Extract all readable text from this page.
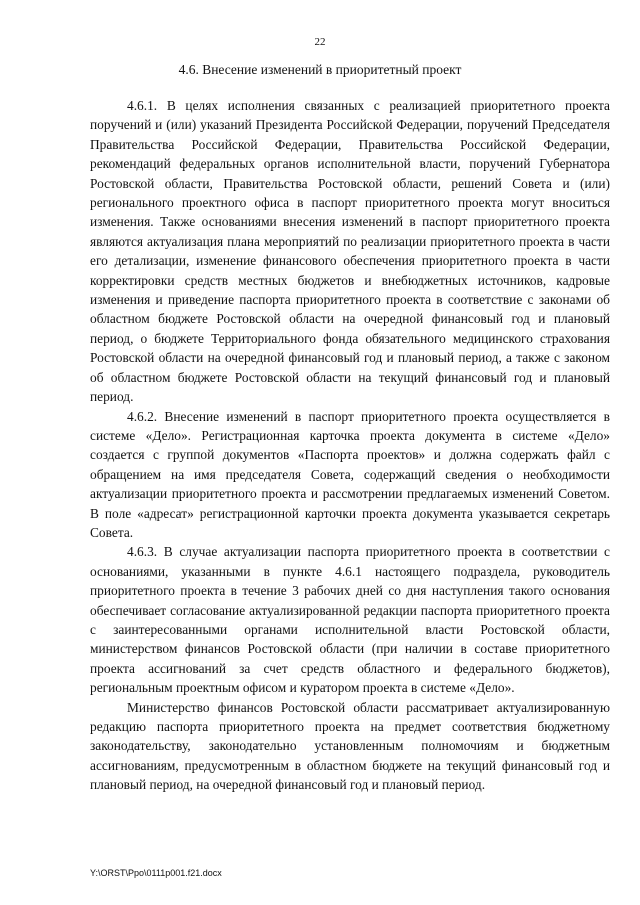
22
4.6. Внесение изменений в приоритетный проект

4.6.1. В целях исполнения связанных с реализацией приоритетного проекта поручений и (или) указаний Президента Российской Федерации, поручений Председателя Правительства Российской Федерации, Правительства Российской Федерации, рекомендаций федеральных органов исполнительной власти, поручений Губернатора Ростовской области, Правительства Ростовской области, решений Совета и (или) регионального проектного офиса в паспорт приоритетного проекта могут вноситься изменения. Также основаниями внесения изменений в паспорт приоритетного проекта являются актуализация плана мероприятий по реализации приоритетного проекта в части его детализации, изменение финансового обеспечения приоритетного проекта в части корректировки средств местных бюджетов и внебюджетных источников, кадровые изменения и приведение паспорта приоритетного проекта в соответствие с законами об областном бюджете Ростовской области на очередной финансовый год и плановый период, о бюджете Территориального фонда обязательного медицинского страхования Ростовской области на очередной финансовый год и плановый период, а также с законом об областном бюджете Ростовской области на текущий финансовый год и плановый период.

4.6.2. Внесение изменений в паспорт приоритетного проекта осуществляется в системе «Дело». Регистрационная карточка проекта документа в системе «Дело» создается с группой документов «Паспорта проектов» и должна содержать файл с обращением на имя председателя Совета, содержащий сведения о необходимости актуализации приоритетного проекта и рассмотрении предлагаемых изменений Советом. В поле «адресат» регистрационной карточки проекта документа указывается секретарь Совета.

4.6.3. В случае актуализации паспорта приоритетного проекта в соответствии с основаниями, указанными в пункте 4.6.1 настоящего подраздела, руководитель приоритетного проекта в течение 3 рабочих дней со дня наступления такого основания обеспечивает согласование актуализированной редакции паспорта приоритетного проекта с заинтересованными органами исполнительной власти Ростовской области, министерством финансов Ростовской области (при наличии в составе приоритетного проекта ассигнований за счет средств областного и федерального бюджетов), региональным проектным офисом и куратором проекта в системе «Дело».

Министерство финансов Ростовской области рассматривает актуализированную редакцию паспорта приоритетного проекта на предмет соответствия бюджетному законодательству, законодательно установленным полномочиям и бюджетным ассигнованиям, предусмотренным в областном бюджете на текущий финансовый год и плановый период, на очередной финансовый год и плановый период.

Y:\ORST\Ppo\0111p001.f21.docx
